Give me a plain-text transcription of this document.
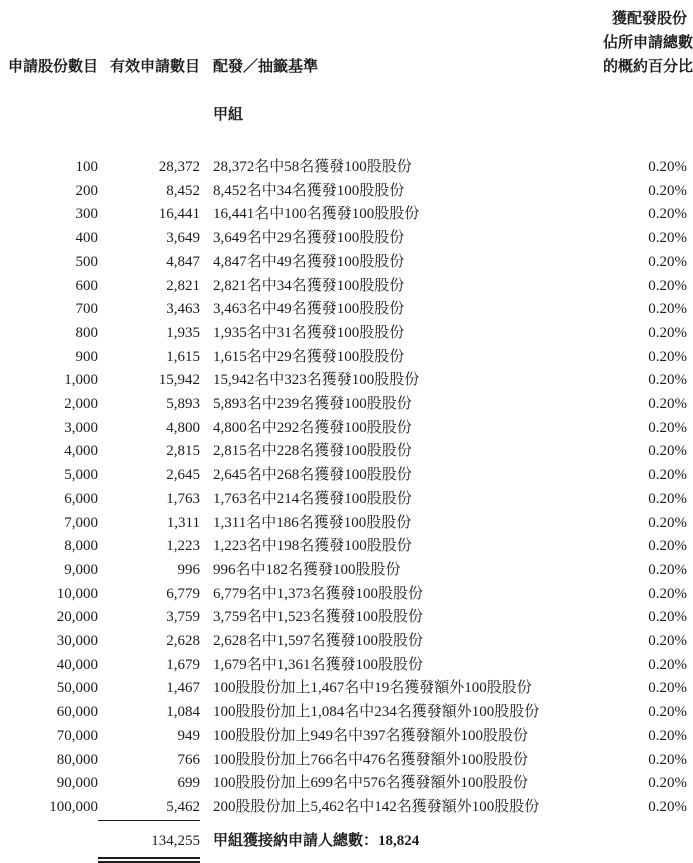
申請股份數目	有效申請數目	配發／抽籤基準	獲配發股份
佔所申請總數
的概約百分比

		甲組	

100	28,372	28,372名中58名獲發100股股份	0.20%
200	8,452	8,452名中34名獲發100股股份	0.20%
300	16,441	16,441名中100名獲發100股股份	0.20%
400	3,649	3,649名中29名獲發100股股份	0.20%
500	4,847	4,847名中49名獲發100股股份	0.20%
600	2,821	2,821名中34名獲發100股股份	0.20%
700	3,463	3,463名中49名獲發100股股份	0.20%
800	1,935	1,935名中31名獲發100股股份	0.20%
900	1,615	1,615名中29名獲發100股股份	0.20%
1,000	15,942	15,942名中323名獲發100股股份	0.20%
2,000	5,893	5,893名中239名獲發100股股份	0.20%
3,000	4,800	4,800名中292名獲發100股股份	0.20%
4,000	2,815	2,815名中228名獲發100股股份	0.20%
5,000	2,645	2,645名中268名獲發100股股份	0.20%
6,000	1,763	1,763名中214名獲發100股股份	0.20%
7,000	1,311	1,311名中186名獲發100股股份	0.20%
8,000	1,223	1,223名中198名獲發100股股份	0.20%
9,000	996	996名中182名獲發100股股份	0.20%
10,000	6,779	6,779名中1,373名獲發100股股份	0.20%
20,000	3,759	3,759名中1,523名獲發100股股份	0.20%
30,000	2,628	2,628名中1,597名獲發100股股份	0.20%
40,000	1,679	1,679名中1,361名獲發100股股份	0.20%
50,000	1,467	100股股份加上1,467名中19名獲發額外100股股份	0.20%
60,000	1,084	100股股份加上1,084名中234名獲發額外100股股份	0.20%
70,000	949	100股股份加上949名中397名獲發額外100股股份	0.20%
80,000	766	100股股份加上766名中476名獲發額外100股股份	0.20%
90,000	699	100股股份加上699名中576名獲發額外100股股份	0.20%
100,000	5,462	200股股份加上5,462名中142名獲發額外100股股份	0.20%
	134,255	甲組獲接納申請人總數：18,824	
